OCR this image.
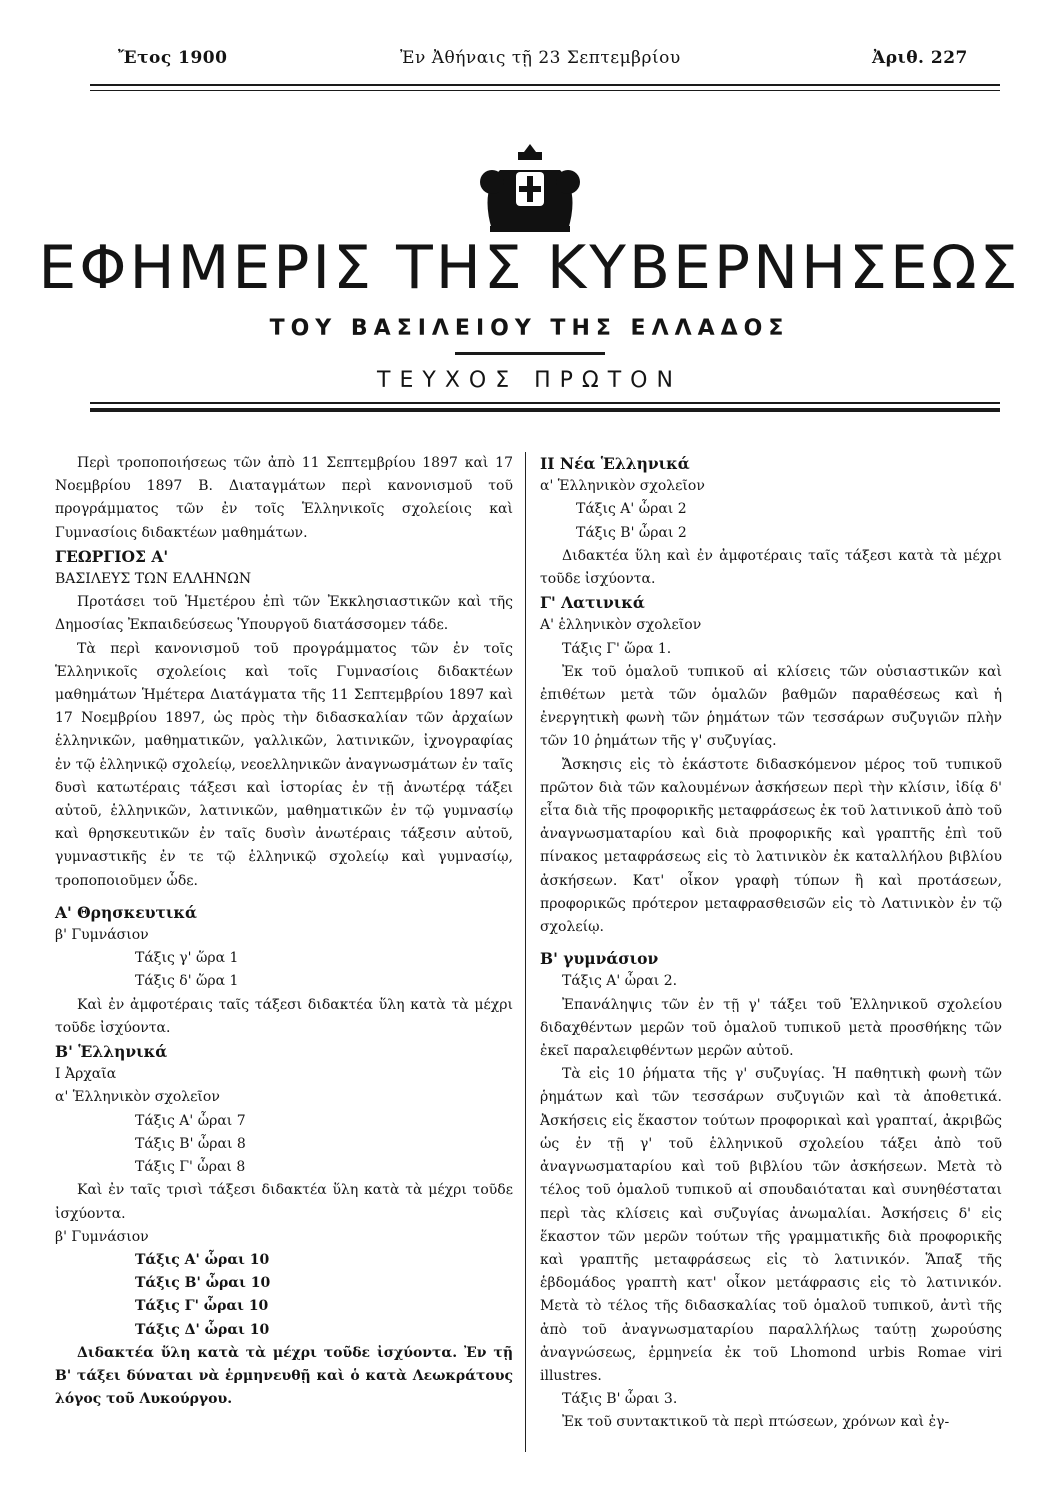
Ἔτος 1900	Ἐν Ἀθήναις τῇ 23 Σεπτεμβρίου	Ἀριθ. 227
ΕΦΗΜΕΡΙΣ ΤΗΣ ΚΥΒΕΡΝΗΣΕΩΣ
ΤΟΥ ΒΑΣΙΛΕΙΟΥ ΤΗΣ ΕΛΛΑΔΟΣ
ΤΕΥΧΟΣ ΠΡΩΤΟΝ

Περὶ τροποποιήσεως τῶν ἀπὸ 11 Σεπτεμβρίου 1897 καὶ 17 Νοεμβρίου 1897 Β. Διαταγμάτων περὶ κανονισμοῦ τοῦ προγράμματος τῶν ἐν τοῖς Ἑλληνικοῖς σχολείοις καὶ Γυμνασίοις διδακτέων μαθημάτων.

ΓΕΩΡΓΙΟΣ Α'

ΒΑΣΙΛΕΥΣ ΤΩΝ ΕΛΛΗΝΩΝ

Προτάσει τοῦ Ἡμετέρου ἐπὶ τῶν Ἐκκλησιαστικῶν καὶ τῆς Δημοσίας Ἐκπαιδεύσεως Ὑπουργοῦ διατάσσομεν τάδε.

Τὰ περὶ κανονισμοῦ τοῦ προγράμματος τῶν ἐν τοῖς Ἑλληνικοῖς σχολείοις καὶ τοῖς Γυμνασίοις διδακτέων μαθημάτων Ἡμέτερα Διατάγματα τῆς 11 Σεπτεμβρίου 1897 καὶ 17 Νοεμβρίου 1897, ὡς πρὸς τὴν διδασκαλίαν τῶν ἀρχαίων ἑλληνικῶν, μαθηματικῶν, γαλλικῶν, λατινικῶν, ἰχνογραφίας ἐν τῷ ἑλληνικῷ σχολείῳ, νεοελληνικῶν ἀναγνωσμάτων ἐν ταῖς δυσὶ κατωτέραις τάξεσι καὶ ἱστορίας ἐν τῇ ἀνωτέρᾳ τάξει αὐτοῦ, ἑλληνικῶν, λατινικῶν, μαθηματικῶν ἐν τῷ γυμνασίῳ καὶ θρησκευτικῶν ἐν ταῖς δυσὶν ἀνωτέραις τάξεσιν αὐτοῦ, γυμναστικῆς ἐν τε τῷ ἑλληνικῷ σχολείῳ καὶ γυμνασίῳ, τροποποιοῦμεν ὧδε.

Α' Θρησκευτικά

β' Γυμνάσιον

Τάξις γ' ὥρα 1

Τάξις δ' ὥρα 1

Καὶ ἐν ἀμφοτέραις ταῖς τάξεσι διδακτέα ὕλη κατὰ τὰ μέχρι τοῦδε ἰσχύοντα.

Β' Ἑλληνικά

Ι Ἀρχαῖα

α' Ἑλληνικὸν σχολεῖον

Τάξις Α' ὧραι 7

Τάξις Β' ὧραι 8

Τάξις Γ' ὧραι 8

Καὶ ἐν ταῖς τρισὶ τάξεσι διδακτέα ὕλη κατὰ τὰ μέχρι τοῦδε ἰσχύοντα.

β' Γυμνάσιον

Τάξις Α' ὧραι 10

Τάξις Β' ὧραι 10

Τάξις Γ' ὧραι 10

Τάξις Δ' ὧραι 10

Διδακτέα ὕλη κατὰ τὰ μέχρι τοῦδε ἰσχύοντα. Ἐν τῇ Β' τάξει δύναται νὰ ἑρμηνευθῇ καὶ ὁ κατὰ Λεωκράτους λόγος τοῦ Λυκούργου.

ΙΙ Νέα Ἑλληνικά

α' Ἑλληνικὸν σχολεῖον

Τάξις Α' ὧραι 2

Τάξις Β' ὧραι 2

Διδακτέα ὕλη καὶ ἐν ἀμφοτέραις ταῖς τάξεσι κατὰ τὰ μέχρι τοῦδε ἰσχύοντα.

Γ' Λατινικά

Α' ἑλληνικὸν σχολεῖον

Τάξις Γ' ὥρα 1.

Ἐκ τοῦ ὁμαλοῦ τυπικοῦ αἱ κλίσεις τῶν οὐσιαστικῶν καὶ ἐπιθέτων μετὰ τῶν ὁμαλῶν βαθμῶν παραθέσεως καὶ ἡ ἐνεργητικὴ φωνὴ τῶν ῥημάτων τῶν τεσσάρων συζυγιῶν πλὴν τῶν 10 ῥημάτων τῆς γ' συζυγίας.

Ἄσκησις εἰς τὸ ἑκάστοτε διδασκόμενον μέρος τοῦ τυπικοῦ πρῶτον διὰ τῶν καλουμένων ἀσκήσεων περὶ τὴν κλίσιν, ἰδίᾳ δ' εἶτα διὰ τῆς προφορικῆς μεταφράσεως ἐκ τοῦ λατινικοῦ ἀπὸ τοῦ ἀναγνωσματαρίου καὶ διὰ προφορικῆς καὶ γραπτῆς ἐπὶ τοῦ πίνακος μεταφράσεως εἰς τὸ λατινικὸν ἐκ καταλλήλου βιβλίου ἀσκήσεων. Κατ' οἶκον γραφὴ τύπων ἢ καὶ προτάσεων, προφορικῶς πρότερον μεταφρασθεισῶν εἰς τὸ Λατινικὸν ἐν τῷ σχολείῳ.

Β' γυμνάσιον

Τάξις Α' ὧραι 2.

Ἐπανάληψις τῶν ἐν τῇ γ' τάξει τοῦ Ἑλληνικοῦ σχολείου διδαχθέντων μερῶν τοῦ ὁμαλοῦ τυπικοῦ μετὰ προσθήκης τῶν ἐκεῖ παραλειφθέντων μερῶν αὐτοῦ.

Τὰ εἰς 10 ῥήματα τῆς γ' συζυγίας. Ἡ παθητικὴ φωνὴ τῶν ῥημάτων καὶ τῶν τεσσάρων συζυγιῶν καὶ τὰ ἀποθετικά. Ἀσκήσεις εἰς ἕκαστον τούτων προφορικαὶ καὶ γραπταί, ἀκριβῶς ὡς ἐν τῇ γ' τοῦ ἑλληνικοῦ σχολείου τάξει ἀπὸ τοῦ ἀναγνωσματαρίου καὶ τοῦ βιβλίου τῶν ἀσκήσεων. Μετὰ τὸ τέλος τοῦ ὁμαλοῦ τυπικοῦ αἱ σπουδαιόταται καὶ συνηθέσταται περὶ τὰς κλίσεις καὶ συζυγίας ἀνωμαλίαι. Ἀσκήσεις δ' εἰς ἕκαστον τῶν μερῶν τούτων τῆς γραμματικῆς διὰ προφορικῆς καὶ γραπτῆς μεταφράσεως εἰς τὸ λατινικόν. Ἅπαξ τῆς ἑβδομάδος γραπτὴ κατ' οἶκον μετάφρασις εἰς τὸ λατινικόν. Μετὰ τὸ τέλος τῆς διδασκαλίας τοῦ ὁμαλοῦ τυπικοῦ, ἀντὶ τῆς ἀπὸ τοῦ ἀναγνωσματαρίου παραλλήλως ταύτῃ χωρούσης ἀναγνώσεως, ἑρμηνεία ἐκ τοῦ Lhomond urbis Romae viri illustres.

Τάξις Β' ὧραι 3.

Ἐκ τοῦ συντακτικοῦ τὰ περὶ πτώσεων, χρόνων καὶ ἐγ-
